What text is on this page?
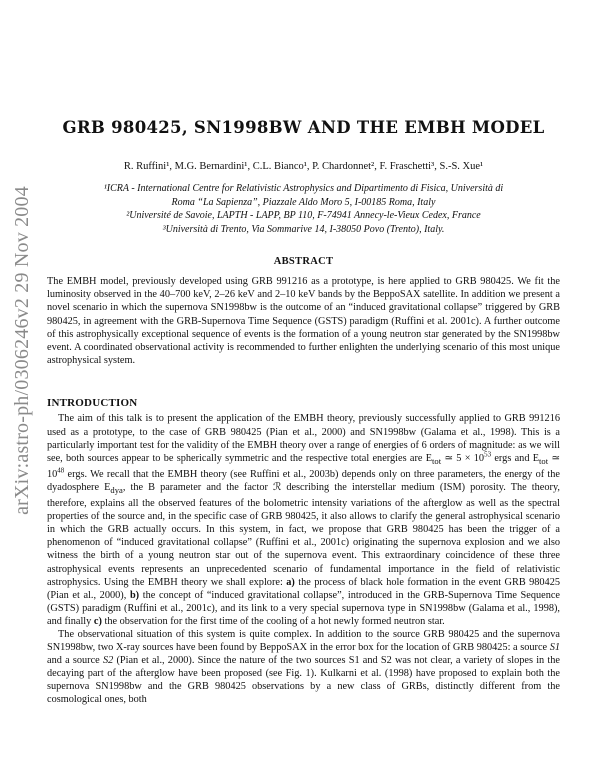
arXiv:astro-ph/0306246v2 29 Nov 2004
GRB 980425, SN1998BW AND THE EMBH MODEL

R. Ruffini¹, M.G. Bernardini¹, C.L. Bianco¹, P. Chardonnet², F. Fraschetti³, S.-S. Xue¹

¹ICRA - International Centre for Relativistic Astrophysics and Dipartimento di Fisica, Università di

Roma “La Sapienza”, Piazzale Aldo Moro 5, I-00185 Roma, Italy

²Université de Savoie, LAPTH - LAPP, BP 110, F-74941 Annecy-le-Vieux Cedex, France

³Università di Trento, Via Sommarive 14, I-38050 Povo (Trento), Italy.

ABSTRACT

The EMBH model, previously developed using GRB 991216 as a prototype, is here applied to GRB 980425. We fit the luminosity observed in the 40–700 keV, 2–26 keV and 2–10 keV bands by the BeppoSAX satellite. In addition we present a novel scenario in which the supernova SN1998bw is the outcome of an “induced gravitational collapse” triggered by GRB 980425, in agreement with the GRB-Supernova Time Sequence (GSTS) paradigm (Ruffini et al. 2001c). A further outcome of this astrophysically exceptional sequence of events is the formation of a young neutron star generated by the SN1998bw event. A coordinated observational activity is recommended to further enlighten the underlying scenario of this most unique astrophysical system.

INTRODUCTION

The aim of this talk is to present the application of the EMBH theory, previously successfully applied to GRB 991216 used as a prototype, to the case of GRB 980425 (Pian et al., 2000) and SN1998bw (Galama et al., 1998). This is a particularly important test for the validity of the EMBH theory over a range of energies of 6 orders of magnitude: as we will see, both sources appear to be spherically symmetric and the respective total energies are $E_{tot}$ ≃ $5 \times 10^{53}$ ergs and $E_{tot}$ ≃ $10^{48}$ ergs. We recall that the EMBH theory (see Ruffini et al., 2003b) depends only on three parameters, the energy of the dyadosphere $E_{dya}$, the B parameter and the factor ℛ describing the interstellar medium (ISM) porosity. The theory, therefore, explains all the observed features of the bolometric intensity variations of the afterglow as well as the spectral properties of the source and, in the specific case of GRB 980425, it also allows to clarify the general astrophysical scenario in which the GRB actually occurs. In this system, in fact, we propose that GRB 980425 has been the trigger of a phenomenon of “induced gravitational collapse” (Ruffini et al., 2001c) originating the supernova explosion and we also witness the birth of a young neutron star out of the supernova event. This extraordinary coincidence of these three astrophysical events represents an unprecedented scenario of fundamental importance in the field of relativistic astrophysics. Using the EMBH theory we shall explore: a) the process of black hole formation in the event GRB 980425 (Pian et al., 2000), b) the concept of “induced gravitational collapse”, introduced in the GRB-Supernova Time Sequence (GSTS) paradigm (Ruffini et al., 2001c), and its link to a very special supernova type in SN1998bw (Galama et al., 1998), and finally c) the observation for the first time of the cooling of a hot newly formed neutron star.

The observational situation of this system is quite complex. In addition to the source GRB 980425 and the supernova SN1998bw, two X-ray sources have been found by BeppoSAX in the error box for the location of GRB 980425: a source S1 and a source S2 (Pian et al., 2000). Since the nature of the two sources S1 and S2 was not clear, a variety of slopes in the decaying part of the afterglow have been proposed (see Fig. 1). Kulkarni et al. (1998) have proposed to explain both the supernova SN1998bw and the GRB 980425 observations by a new class of GRBs, distinctly different from the cosmological ones, both
